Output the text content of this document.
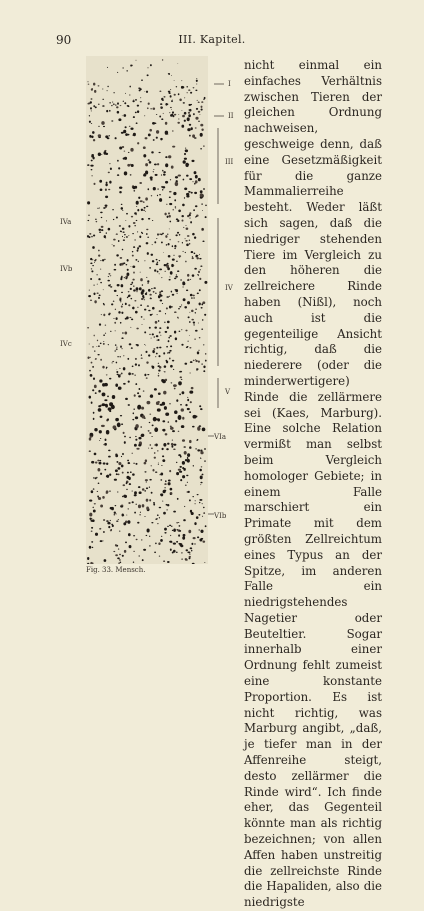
90	III. Kapitel.
IVa
IVb
IVc
I
II
III
IV
V
VIa
VIb
Fig. 33. Mensch.

nicht einmal ein einfaches Verhältnis zwischen Tieren der gleichen Ordnung nachweisen, geschweige denn, daß eine Gesetzmäßigkeit für die ganze Mammalierreihe besteht. Weder läßt sich sagen, daß die niedriger stehenden Tiere im Vergleich zu den höheren die zellreichere Rinde haben (Nißl), noch auch ist die gegenteilige Ansicht richtig, daß die niederere (oder die minderwertigere) Rinde die zellärmere sei (Kaes, Marburg). Eine solche Relation vermißt man selbst beim Vergleich homologer Gebiete; in einem Falle marschiert ein Primate mit dem größten Zellreichtum eines Typus an der Spitze, im anderen Falle ein niedrigstehendes Nagetier oder Beuteltier. Sogar innerhalb einer Ordnung fehlt zumeist eine konstante Proportion. Es ist nicht richtig, was Marburg angibt, „daß, je tiefer man in der Affenreihe steigt, desto zellärmer die Rinde wird“. Ich finde eher, das Gegenteil könnte man als richtig bezeichnen; von allen Affen haben unstreitig die zellreichste Rinde die Hapaliden, also die niedrigste
